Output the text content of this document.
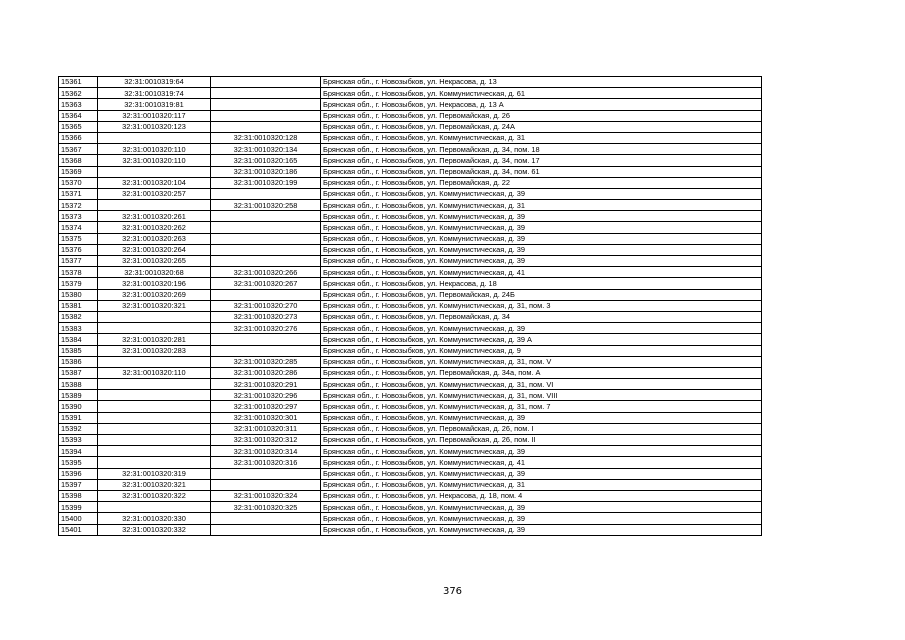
15361	32:31:0010319:64		Брянская обл., г. Новозыбков, ул. Некрасова, д. 13
15362	32:31:0010319:74		Брянская обл., г. Новозыбков, ул. Коммунистическая, д. 61
15363	32:31:0010319:81		Брянская обл., г. Новозыбков, ул. Некрасова, д. 13 А
15364	32:31:0010320:117		Брянская обл., г. Новозыбков, ул. Первомайская, д. 26
15365	32:31:0010320:123		Брянская обл., г. Новозыбков, ул. Первомайская, д. 24А
15366		32:31:0010320:128	Брянская обл., г. Новозыбков, ул. Коммунистическая, д. 31
15367	32:31:0010320:110	32:31:0010320:134	Брянская обл., г. Новозыбков, ул. Первомайская, д. 34, пом. 18
15368	32:31:0010320:110	32:31:0010320:165	Брянская обл., г. Новозыбков, ул. Первомайская, д. 34, пом. 17
15369		32:31:0010320:186	Брянская обл., г. Новозыбков, ул. Первомайская, д. 34, пом. 61
15370	32:31:0010320:104	32:31:0010320:199	Брянская обл., г. Новозыбков, ул. Первомайская, д. 22
15371	32:31:0010320:257		Брянская обл., г. Новозыбков, ул. Коммунистическая, д. 39
15372		32:31:0010320:258	Брянская обл., г. Новозыбков, ул. Коммунистическая, д. 31
15373	32:31:0010320:261		Брянская обл., г. Новозыбков, ул. Коммунистическая, д. 39
15374	32:31:0010320:262		Брянская обл., г. Новозыбков, ул. Коммунистическая, д. 39
15375	32:31:0010320:263		Брянская обл., г. Новозыбков, ул. Коммунистическая, д. 39
15376	32:31:0010320:264		Брянская обл., г. Новозыбков, ул. Коммунистическая, д. 39
15377	32:31:0010320:265		Брянская обл., г. Новозыбков, ул. Коммунистическая, д. 39
15378	32:31:0010320:68	32:31:0010320:266	Брянская обл., г. Новозыбков, ул. Коммунистическая, д. 41
15379	32:31:0010320:196	32:31:0010320:267	Брянская обл., г. Новозыбков, ул. Некрасова, д. 18
15380	32:31:0010320:269		Брянская обл., г. Новозыбков, ул. Первомайская, д. 24Б
15381	32:31:0010320:321	32:31:0010320:270	Брянская обл., г. Новозыбков, ул. Коммунистическая, д. 31, пом. 3
15382		32:31:0010320:273	Брянская обл., г. Новозыбков, ул. Первомайская, д. 34
15383		32:31:0010320:276	Брянская обл., г. Новозыбков, ул. Коммунистическая, д. 39
15384	32:31:0010320:281		Брянская обл., г. Новозыбков, ул. Коммунистическая, д. 39 А
15385	32:31:0010320:283		Брянская обл., г. Новозыбков, ул. Коммунистическая, д. 9
15386		32:31:0010320:285	Брянская обл., г. Новозыбков, ул. Коммунистическая, д. 31, пом. V
15387	32:31:0010320:110	32:31:0010320:286	Брянская обл., г. Новозыбков, ул. Первомайская, д. 34а, пом. А
15388		32:31:0010320:291	Брянская обл., г. Новозыбков, ул. Коммунистическая, д. 31, пом. VI
15389		32:31:0010320:296	Брянская обл., г. Новозыбков, ул. Коммунистическая, д. 31, пом. VIII
15390		32:31:0010320:297	Брянская обл., г. Новозыбков, ул. Коммунистическая, д. 31, пом. 7
15391		32:31:0010320:301	Брянская обл., г. Новозыбков, ул. Коммунистическая, д. 39
15392		32:31:0010320:311	Брянская обл., г. Новозыбков, ул. Первомайская, д. 26, пом. I
15393		32:31:0010320:312	Брянская обл., г. Новозыбков, ул. Первомайская, д. 26, пом. II
15394		32:31:0010320:314	Брянская обл., г. Новозыбков, ул. Коммунистическая, д. 39
15395		32:31:0010320:316	Брянская обл., г. Новозыбков, ул. Коммунистическая, д. 41
15396	32:31:0010320:319		Брянская обл., г. Новозыбков, ул. Коммунистическая, д. 39
15397	32:31:0010320:321		Брянская обл., г. Новозыбков, ул. Коммунистическая, д. 31
15398	32:31:0010320:322	32:31:0010320:324	Брянская обл., г. Новозыбков, ул. Некрасова, д. 18, пом. 4
15399		32:31:0010320:325	Брянская обл., г. Новозыбков, ул. Коммунистическая, д. 39
15400	32:31:0010320:330		Брянская обл., г. Новозыбков, ул. Коммунистическая, д. 39
15401	32:31:0010320:332		Брянская обл., г. Новозыбков, ул. Коммунистическая, д. 39
376
